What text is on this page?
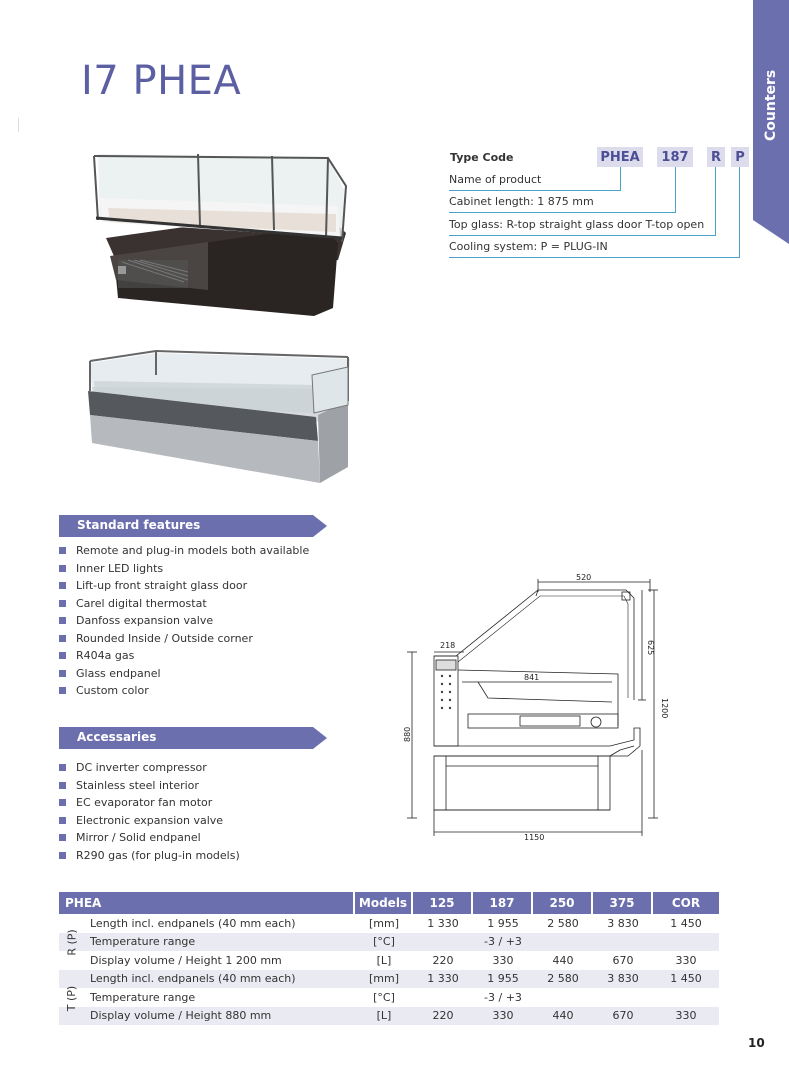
Counters
I7 PHEA
Type Code	PHEA	187	R	P
Name of product
Cabinet length: 1 875 mm
Top glass: R-top straight glass door T-top open
Cooling system: P = PLUG-IN
Standard features
Remote and plug-in models both available
Inner LED lights
Lift-up front straight glass door
Carel digital thermostat
Danfoss expansion valve
Rounded Inside / Outside corner
R404a gas
Glass endpanel
Custom color
Accessaries
DC inverter compressor
Stainless steel interior
EC evaporator fan motor
Electronic expansion valve
Mirror / Solid endpanel
R290 gas (for plug-in models)
520
218	625
1200
880
841
1150
PHEA	Models	125	187	250	375	COR
Length incl. endpanels (40 mm each)	[mm]	1 330	1 955	2 580	3 830	1 450
Temperature range	[°C]	-3 / +3
Display volume / Height 1 200 mm	[L]	220	330	440	670	330
Length incl. endpanels (40 mm each)	[mm]	1 330	1 955	2 580	3 830	1 450
Temperature range	[°C]	-3 / +3
Display volume / Height 880 mm	[L]	220	330	440	670	330
R (P)
T (P)
10
